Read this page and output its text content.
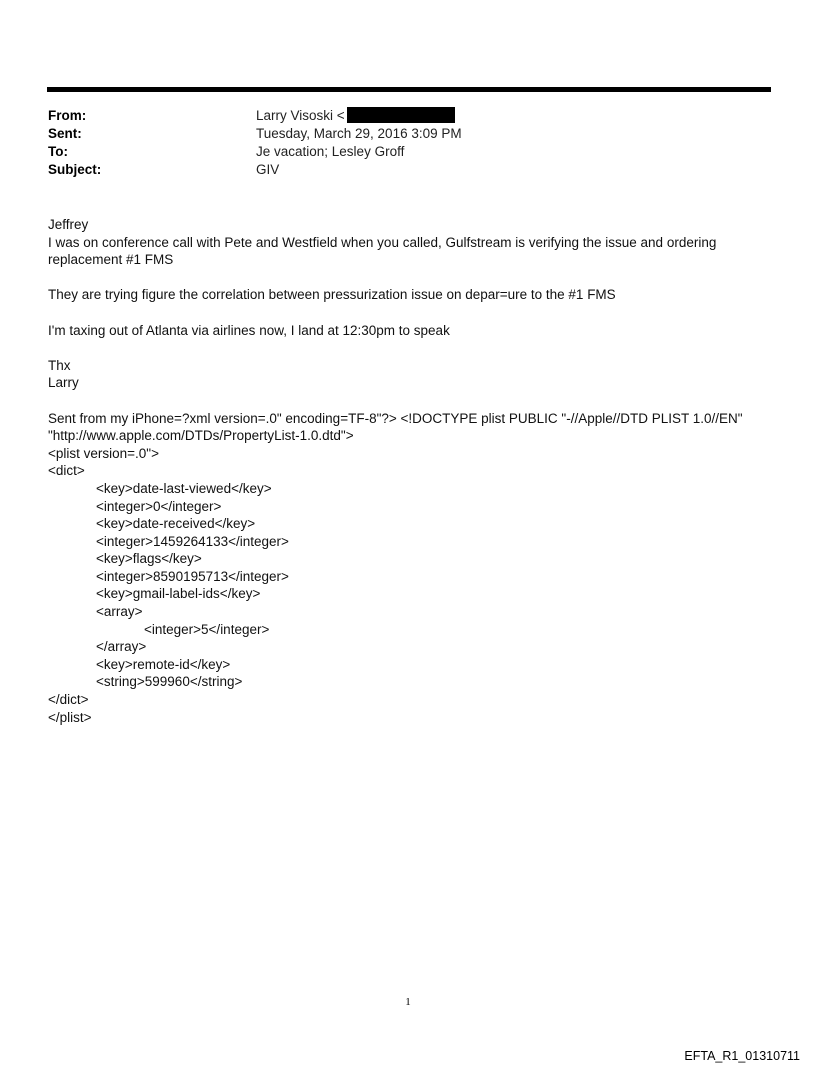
From:	Larry Visoski <
Sent:	Tuesday, March 29, 2016 3:09 PM
To:	Je vacation; Lesley Groff
Subject:	GIV

Jeffrey

I was on conference call with Pete and Westfield when you called, Gulfstream is verifying the issue and ordering replacement #1 FMS

They are trying figure the correlation between pressurization issue on depar=ure to the #1 FMS

I'm taxing out of Atlanta via airlines now, I land at 12:30pm to speak

Thx

Larry

Sent from my iPhone=?xml version=.0" encoding=TF-8"?> <!DOCTYPE plist PUBLIC "-//Apple//DTD PLIST 1.0//EN" "http://www.apple.com/DTDs/PropertyList-1.0.dtd">

<plist version=.0">

<dict>

<key>date-last-viewed</key>

<integer>0</integer>

<key>date-received</key>

<integer>1459264133</integer>

<key>flags</key>

<integer>8590195713</integer>

<key>gmail-label-ids</key>

<array>

<integer>5</integer>

</array>

<key>remote-id</key>

<string>599960</string>

</dict>

</plist>

1
EFTA_R1_01310711
